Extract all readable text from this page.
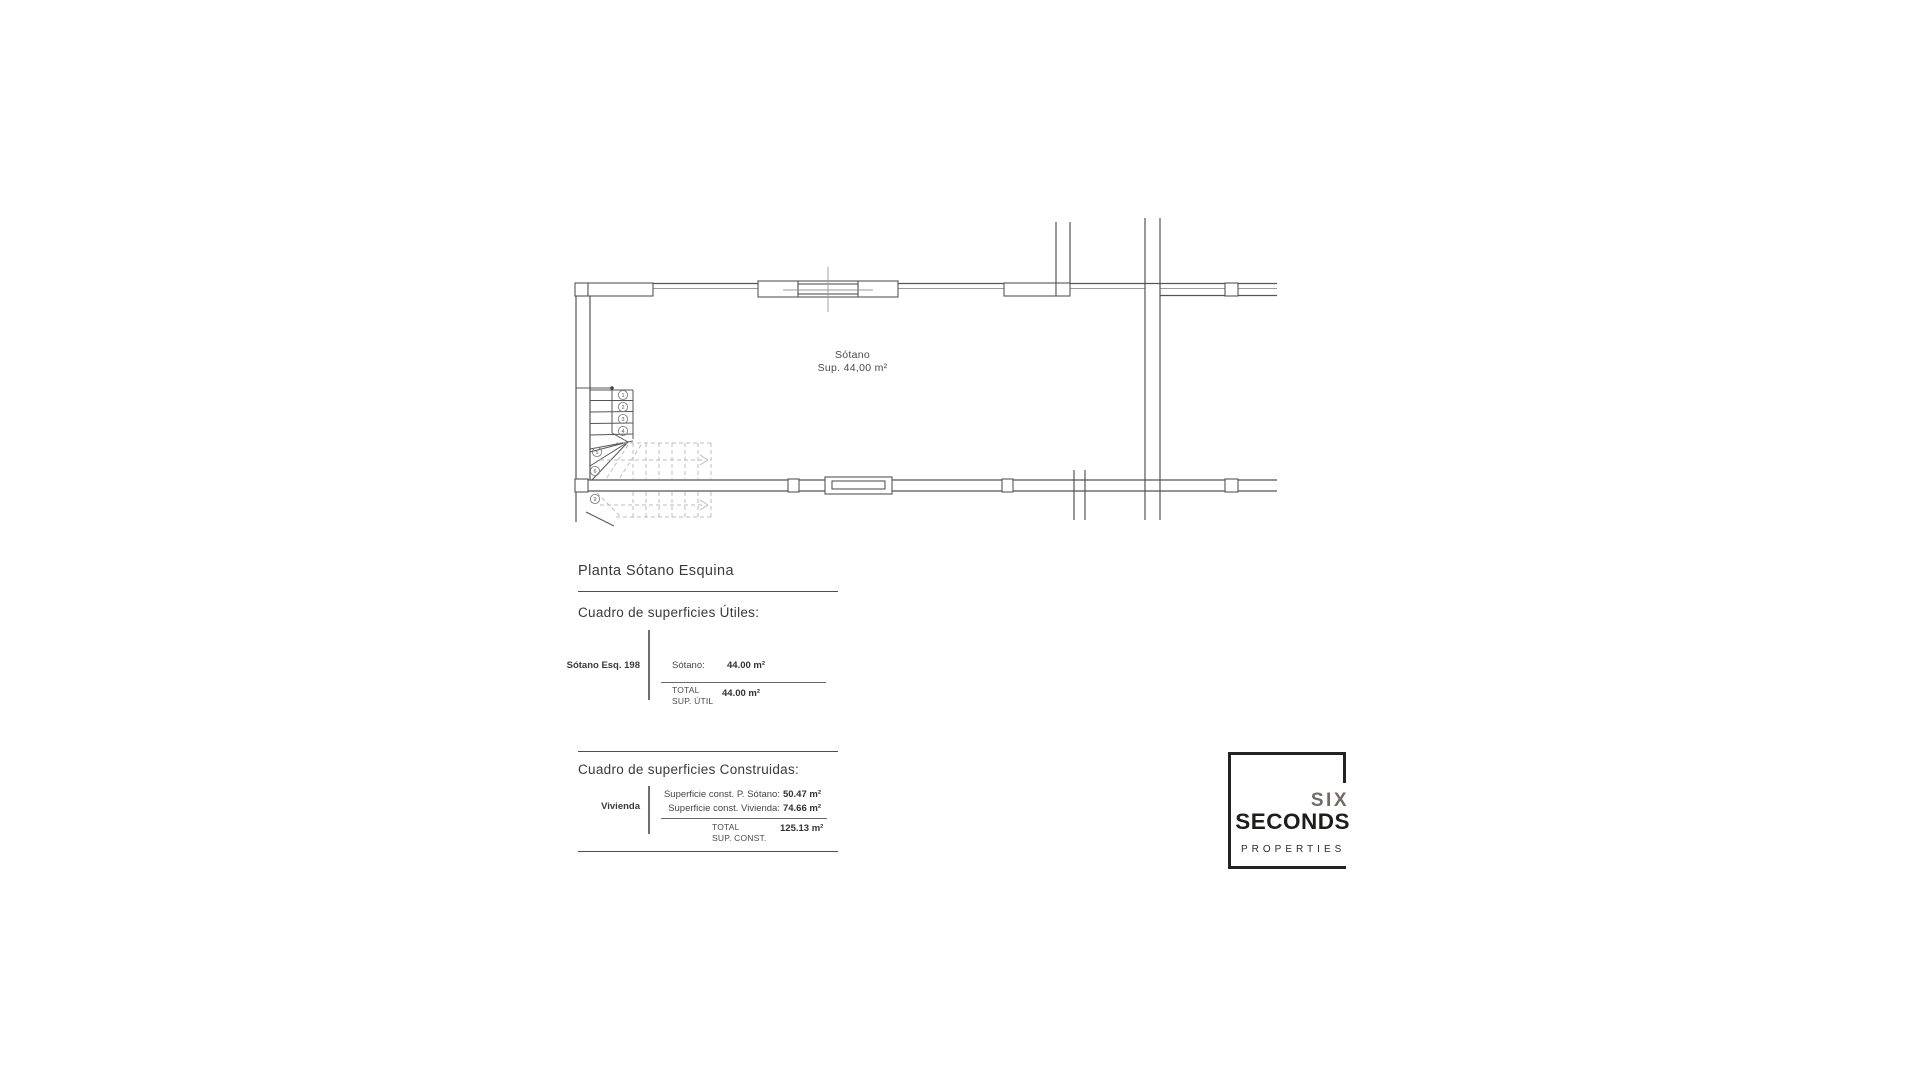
1
2
3
4
5
6
9
Sótano
Sup. 44,00 m²
Planta Sótano Esquina
Cuadro de superficies Útiles:
Sótano Esq. 198	Sótano: 44.00 m²
TOTAL
SUP. ÚTIL
44.00 m²
Cuadro de superficies Construidas:
Vivienda
Superficie const. P. Sótano: 50.47 m²
Superficie const. Vivienda: 74.66 m²
TOTAL
SUP. CONST.
125.13 m²
SIX
SECONDS
PROPERTIES
